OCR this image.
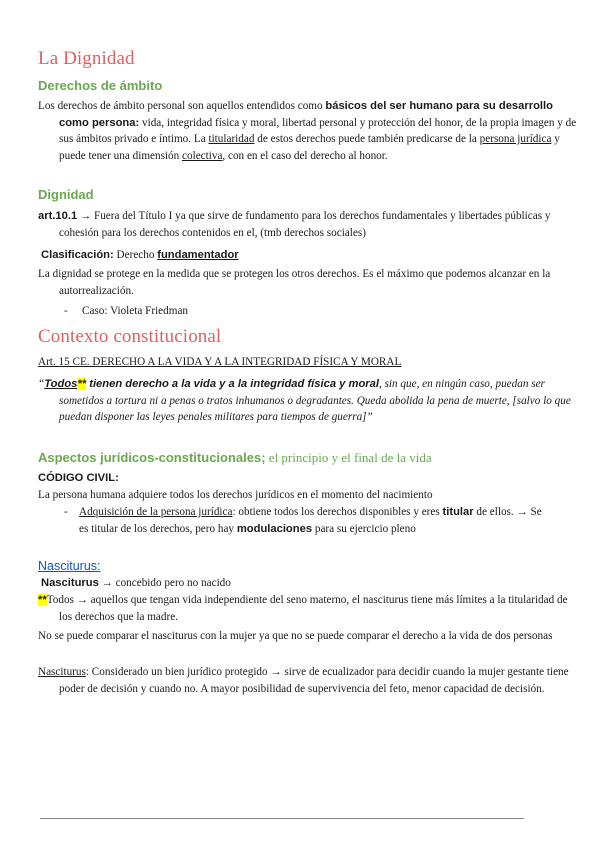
La Dignidad
Derechos de ámbito

Los derechos de ámbito personal son aquellos entendidos como básicos del ser humano para su desarrollo como persona: vida, integridad física y moral, libertad personal y protección del honor, de la propia imagen y de sus ámbitos privado e íntimo. La titularidad de estos derechos puede también predicarse de la persona jurídica y puede tener una dimensión colectiva, con en el caso del derecho al honor.

Dignidad

art.10.1 → Fuera del Título I ya que sirve de fundamento para los derechos fundamentales y libertades públicas y cohesión para los derechos contenidos en el, (tmb derechos sociales)

Clasificación: Derecho fundamentador

La dignidad se protege en la medida que se protegen los otros derechos. Es el máximo que podemos alcanzar en la autorrealización.

- Caso: Violeta Friedman
Contexto constitucional

Art. 15 CE. DERECHO A LA VIDA Y A LA INTEGRIDAD FÍSICA Y MORAL

“Todos** tienen derecho a la vida y a la integridad física y moral, sin que, en ningún caso, puedan ser sometidos a tortura ni a penas o tratos inhumanos o degradantes. Queda abolida la pena de muerte, [salvo lo que puedan disponer las leyes penales militares para tiempos de guerra]”

Aspectos jurídicos-constitucionales; el principio y el final de la vida
CÓDIGO CIVIL:

La persona humana adquiere todos los derechos jurídicos en el momento del nacimiento

- Adquisición de la persona jurídica: obtiene todos los derechos disponibles y eres titular de ellos. → Se es titular de los derechos, pero hay modulaciones para su ejercicio pleno

Nasciturus:

Nasciturus → concebido pero no nacido

**Todos → aquellos que tengan vida independiente del seno materno, el nasciturus tiene más límites a la titularidad de los derechos que la madre.

No se puede comparar el nasciturus con la mujer ya que no se puede comparar el derecho a la vida de dos personas

Nasciturus: Considerado un bien jurídico protegido → sirve de ecualizador para decidir cuando la mujer gestante tiene poder de decisión y cuando no. A mayor posibilidad de supervivencia del feto, menor capacidad de decisión.
